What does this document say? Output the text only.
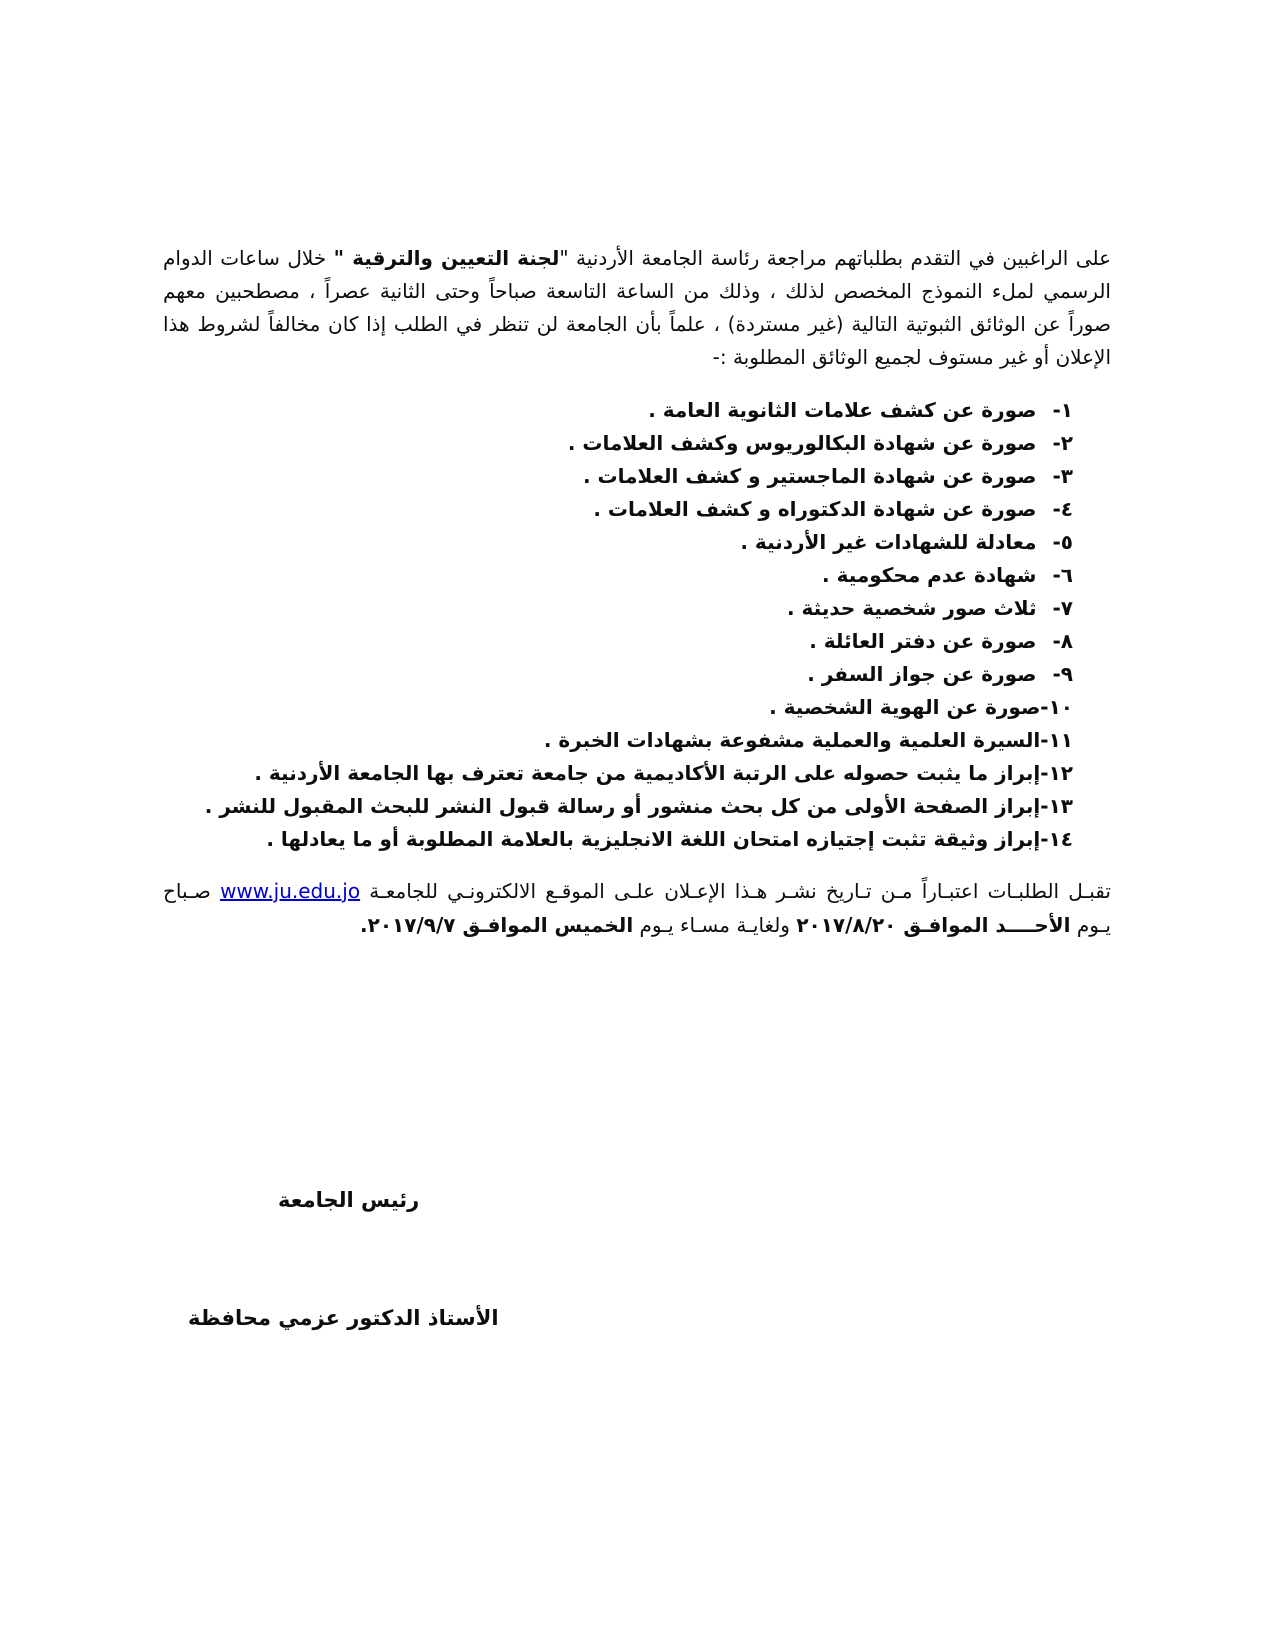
على الراغبين في التقدم بطلباتهم مراجعة رئاسة الجامعة الأردنية "لجنة التعيين والترقية " خلال ساعات الدوام الرسمي لملء النموذج المخصص لذلك ، وذلك من الساعة التاسعة صباحاً وحتى الثانية عصراً ، مصطحبين معهم صوراً عن الوثائق الثبوتية التالية (غير مستردة) ، علماً بأن الجامعة لن تنظر في الطلب إذا كان مخالفاً لشروط هذا الإعلان أو غير مستوف لجميع الوثائق المطلوبة :-

١-صورة عن كشف علامات الثانوية العامة .
٢-صورة عن شهادة البكالوريوس وكشف العلامات .
٣-صورة عن شهادة الماجستير و كشف العلامات .
٤-صورة عن شهادة الدكتوراه و كشف العلامات .
٥-معادلة للشهادات غير الأردنية .
٦-شهادة عدم محكومية .
٧-ثلاث صور شخصية حديثة .
٨-صورة عن دفتر العائلة .
٩-صورة عن جواز السفر .
١٠-صورة عن الهوية الشخصية .
١١-السيرة العلمية والعملية مشفوعة بشهادات الخبرة .
١٢-إبراز ما يثبت حصوله على الرتبة الأكاديمية من جامعة تعترف بها الجامعة الأردنية .
١٣-إبراز الصفحة الأولى من كل بحث منشور أو رسالة قبول النشر للبحث المقبول للنشر .
١٤-إبراز وثيقة تثبت إجتيازه امتحان اللغة الانجليزية بالعلامة المطلوبة أو ما يعادلها .

تقبـل الطلبـات اعتبـاراً مـن تـاريخ نشـر هـذا الإعـلان علـى الموقـع الالكترونـي للجامعـة www.ju.edu.jo صـباح يـوم الأحــــد الموافـق ٢٠١٧/٨/٢٠ ولغايـة مسـاء يـوم الخميس الموافـق ٢٠١٧/٩/٧.

رئيس الجامعة
الأستاذ الدكتور عزمي محافظة
